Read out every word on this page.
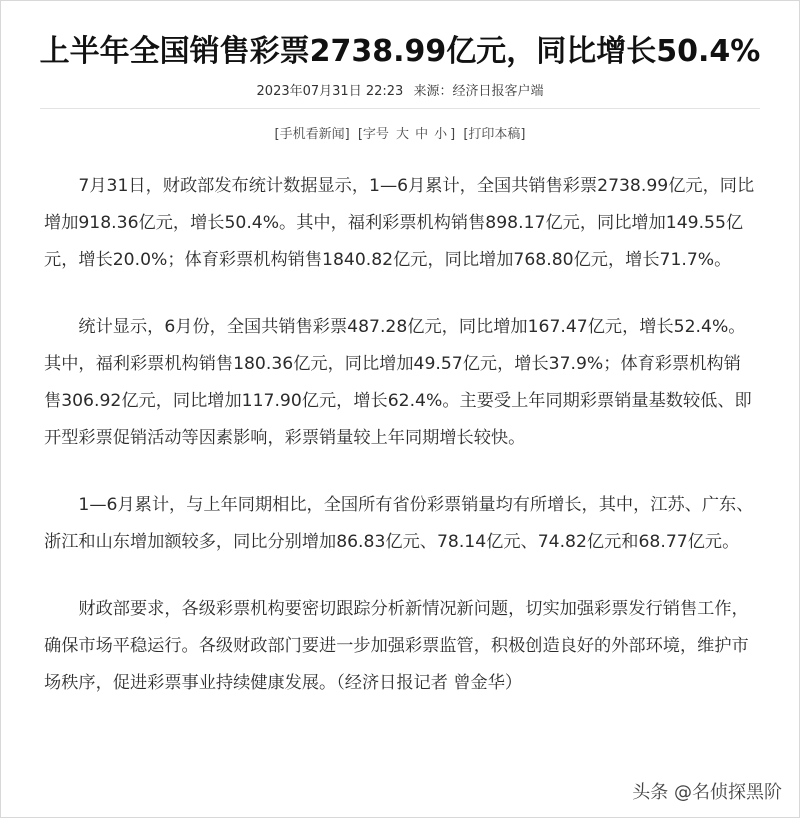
上半年全国销售彩票2738.99亿元，同比增长50.4%
2023年07月31日 22:23 来源：经济日报客户端
[手机看新闻] [字号 大 中 小 ] [打印本稿]

7月31日，财政部发布统计数据显示，1—6月累计，全国共销售彩票2738.99亿元，同比增加918.36亿元，增长50.4%。其中，福利彩票机构销售898.17亿元，同比增加149.55亿元，增长20.0%；体育彩票机构销售1840.82亿元，同比增加768.80亿元，增长71.7%。

统计显示，6月份，全国共销售彩票487.28亿元，同比增加167.47亿元，增长52.4%。其中，福利彩票机构销售180.36亿元，同比增加49.57亿元，增长37.9%；体育彩票机构销售306.92亿元，同比增加117.90亿元，增长62.4%。主要受上年同期彩票销量基数较低、即开型彩票促销活动等因素影响，彩票销量较上年同期增长较快。

1—6月累计，与上年同期相比，全国所有省份彩票销量均有所增长，其中，江苏、广东、浙江和山东增加额较多，同比分别增加86.83亿元、78.14亿元、74.82亿元和68.77亿元。

财政部要求，各级彩票机构要密切跟踪分析新情况新问题，切实加强彩票发行销售工作，确保市场平稳运行。各级财政部门要进一步加强彩票监管，积极创造良好的外部环境，维护市场秩序，促进彩票事业持续健康发展。（经济日报记者 曾金华）

头条 @名侦探黑阶
